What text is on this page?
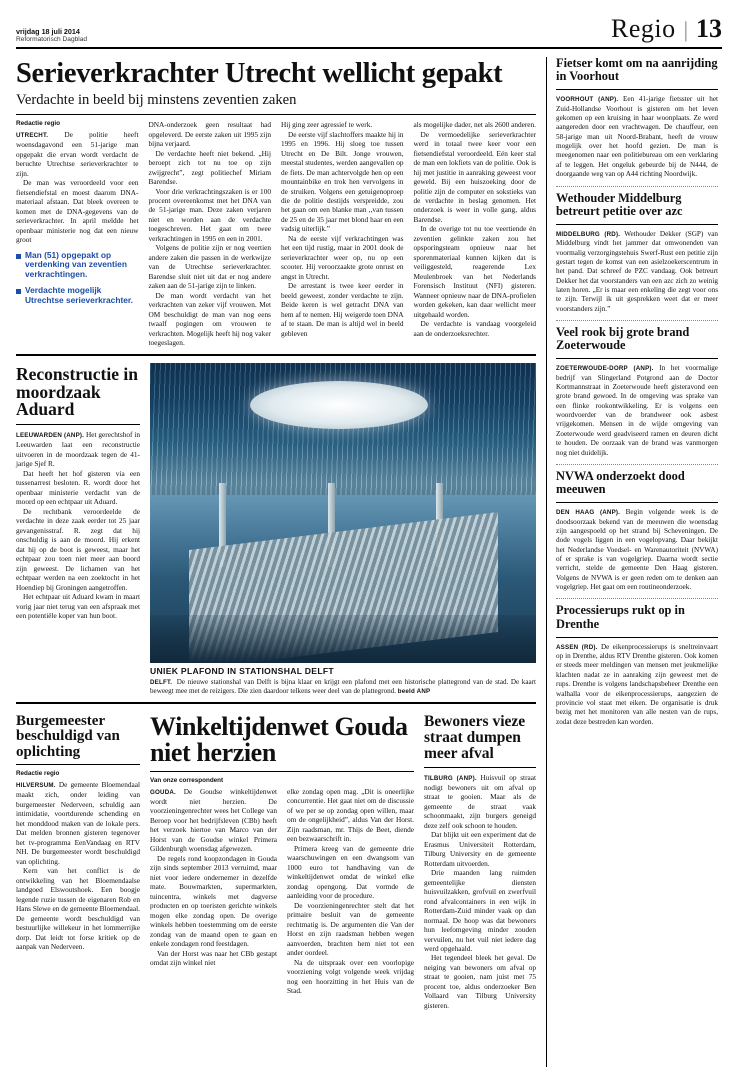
vrijdag 18 juli 2014
Reformatorisch Dagblad	Regio | 13
Serieverkrachter Utrecht wellicht gepakt
Verdachte in beeld bij minstens zeventien zaken
Redactie regio

UTRECHT. De politie heeft woensdagavond een 51-jarige man opgepakt die ervan wordt verdacht de beruchte Utrechtse serieverkrachter te zijn.

De man was veroordeeld voor een fietsendiefstal en moest daarom DNA-materiaal afstaan. Dat bleek overeen te komen met de DNA-gegevens van de serieverkrachter. In april meldde het openbaar ministerie nog dat een nieuw groot

Man (51) opgepakt op verdenking van zeventien verkrachtingen.
Verdachte mogelijk Utrechtse serieverkrachter.

DNA-onderzoek geen resultaat had opgeleverd. De eerste zaken uit 1995 zijn bijna verjaard.

De verdachte heeft niet bekend. „Hij beroept zich tot nu toe op zijn zwijgrecht”, zegt politiechef Miriam Barendse.

Voor drie verkrachtingszaken is er 100 procent overeenkomst met het DNA van de 51-jarige man. Deze zaken verjaren niet en worden aan de verdachte toegeschreven. Het gaat om twee verkrachtingen in 1995 en een in 2001.

Volgens de politie zijn er nog veertien andere zaken die passen in de werkwijze van de Utrechtse serieverkrachter. Barendse sluit niet uit dat er nog andere zaken aan de 51-jarige zijn te linken.

De man wordt verdacht van het verkrachten van zeker vijf vrouwen. Met OM beschuldigt de man van nog eens twaalf pogingen om vrouwen te verkrachten. Mogelijk heeft hij nog vaker toegeslagen.

Hij ging zeer agressief te werk.

De eerste vijf slachtoffers maakte hij in 1995 en 1996. Hij sloeg toe tussen Utrecht en De Bilt. Jonge vrouwen, meestal studentes, werden aangevallen op de fiets. De man achtervolgde hen op een mountainbike en trok hen vervolgens in de struiken. Volgens een getuigenoproep die de politie destijds verspreidde, zou het gaan om een blanke man ,,van tussen de 25 en de 35 jaar met blond haar en een vadsig uiterlijk.”

Na de eerste vijf verkrachtingen was het een tijd rustig, maar in 2001 dook de serieverkrachter weer op, nu op een scooter. Hij veroorzaakte grote onrust en angst in Utrecht.

De arrestant is twee keer eerder in beeld geweest, zonder verdachte te zijn. Beide keren is wel getracht DNA van hem af te nemen. Hij weigerde toen DNA af te staan. De man is altijd wel in beeld gebleven

als mogelijke dader, net als 2600 anderen.

De vermoedelijke serieverkrachter werd in totaal twee keer voor een fietsendiefstal veroordeeld. Eén keer stal de man een lokfiets van de politie. Ook is hij met justitie in aanraking geweest voor geweld. Bij een huiszoeking door de politie zijn de computer en sokstieks van de verdachte in beslag genomen. Het onderzoek is weer in volle gang, aldus Barendse.

In de overige tot nu toe veertiende én zeventien gelinkte zaken zou het opsporingsteam opnieuw naar het sporenmateriaal kunnen kijken dat is veiliggesteld, reagerende Lex Meulenbroek van het Nederlands Forensisch Instituut (NFI) gisteren. Wanneer opnieuw naar de DNA-profielen worden gekeken, kan daar wellicht meer uitgehaald worden.

De verdachte is vandaag voorgeleid aan de onderzoeksrechter.

Reconstructie in moordzaak Aduard

LEEUWARDEN (ANP). Het gerechtshof in Leeuwarden laat een reconstructie uitvoeren in de moordzaak tegen de 41-jarige Sjef R.

Dat heeft het hof gisteren via een tussenarrest besloten. R. wordt door het openbaar ministerie verdacht van de moord op een echtpaar uit Aduard.

De rechtbank veroordeelde de verdachte in deze zaak eerder tot 25 jaar gevangenisstraf. R. zegt dat hij onschuldig is aan de moord. Hij erkent dat hij op de boot is geweest, maar het echtpaar zou toen niet meer aan boord zijn geweest. De lichamen van het echtpaar werden na een zoektocht in het Hoendiep bij Groningen aangetroffen.

Het echtpaar uit Aduard kwam in maart vorig jaar niet terug van een afspraak met een potentiële koper van hun boot.

UNIEK PLAFOND IN STATIONSHAL DELFT
DELFT. De nieuwe stationshal van Delft is bijna klaar en krijgt een plafond met een historische plattegrond van de stad. De kaart beweegt mee met de reizigers. Die zien daardoor telkens weer deel van de plattegrond. beeld ANP
Burgemeester beschuldigd van oplichting
Redactie regio

HILVERSUM. De gemeente Bloemendaal maakt zich, onder leiding van burgemeester Nederveen, schuldig aan intimidatie, voortdurende schending en het monddood maken van de lokale pers. Dat melden bronnen gisteren tegenover het tv-programma EenVandaag en RTV NH. De burgemeester wordt beschuldigd van oplichting.

Kern van het conflict is de ontwikkeling van het Bloemendaalse landgoed Elswoutshoek. Een boogje legende ruzie tussen de eigenaren Rob en Hans Slewe en de gemeente Bloemendaal. De gemeente wordt beschuldigd van bestuurlijke willekeur in het lommerrijke dorp. Dat leidt tot forse kritiek op de aanpak van Nederveen.

Winkeltijdenwet Gouda niet herzien
Van onze correspondent

GOUDA. De Goudse winkeltijdenwet wordt niet herzien. De voorzieningenrechter wees het College van Beroep voor het bedrijfsleven (CBb) heeft het verzoek hiertoe van Marco van der Horst van de Goudse winkel Primera Gildenburgh woensdag afgewezen.

De regels rond koopzondagen in Gouda zijn sinds september 2013 verruimd, maar niet voor iedere ondernemer in dezelfde mate. Bouwmarkten, supermarkten, tuincentra, winkels met dagverse producten en op toeristen gerichte winkels mogen elke zondag open. De overige winkels hebben toestemming om de eerste zondag van de maand open te gaan en enkele zondagen rond feestdagen.

Van der Horst was naar het CBb gestapt omdat zijn winkel niet

elke zondag open mag. „Dit is oneerlijke concurrentie. Het gaat niet om de discussie of we per se op zondag open willen, maar om de ongelijkheid”, aldus Van der Horst. Zijn raadsman, mr. Thijs de Beet, diende een bezwaarschrift in.

Primera kreeg van de gemeente drie waarschuwingen en een dwangsom van 1000 euro tot handhaving van de winkeltijdenwet omdat de winkel elke zondag opengong. Dat vormde de aanleiding voor de procedure.

De voorzieningenrechter stelt dat het primaire besluit van de gemeente rechtmatig is. De argumenten die Van der Horst en zijn raadsman hebben wegen aanvoerden, brachten hem niet tot een ander oordeel.

Na de uitspraak over een voorlopige voorziening volgt volgende week vrijdag nog een hoorzitting in het Huis van de Stad.

Bewoners vieze straat dumpen meer afval

TILBURG (ANP). Huisvuil op straat nodigt bewoners uit om afval op straat te gooien. Maar als de gemeente de straat vaak schoonmaakt, zijn burgers geneigd deze zelf ook schoon te houden.

Dat blijkt uit een experiment dat de Erasmus Universiteit Rotterdam, Tilburg University en de gemeente Rotterdam uitvoerden.

Drie maanden lang ruimden gemeentelijke diensten huisvuilzakken, grofvuil en zwerfvuil rond afvalcontainers in een wijk in Rotterdam-Zuid minder vaak op dan normaal. De hoop was dat bewoners hun leefomgeving minder zouden vervuilen, nu het vuil niet iedere dag werd opgehaald.

Het tegendeel bleek het geval. De neiging van bewoners om afval op straat te gooien, nam juist met 75 procent toe, aldus onderzoeker Ben Vollaard van Tilburg University gisteren.

Fietser komt om na aanrijding in Voorhout

VOORHOUT (ANP). Een 41-jarige fietsster uit het Zuid-Hollandse Voorhout is gisteren om het leven gekomen op een kruising in haar woonplaats. Ze werd aangereden door een vrachtwagen. De chauffeur, een 58-jarige man uit Noord-Brabant, heeft de vrouw mogelijk over het hoofd gezien. De man is meegenomen naar een politiebureau om een verklaring af te leggen. Het ongeluk gebeurde bij de N444, de doorgaande weg van op A44 richting Noordwijk.

Wethouder Middelburg betreurt petitie over azc

MIDDELBURG (RD). Wethouder Dekker (SGP) van Middelburg vindt het jammer dat omwonenden van voormalig verzorgingstehuis Swerf-Rust een petitie zijn gestart tegen de komst van een asielzoekerscentrum in het pand. Dat schreef de PZC vandaag. Ook betreurt Dekker het dat voorstanders van een azc zich zo weinig laten horen. „Er is maar een enkeling die zegt voor ons te zijn. Terwijl ik uit gesprekken weet dat er meer voorstanders zijn.”

Veel rook bij grote brand Zoeterwoude

ZOETERWOUDE-DORP (ANP). In het voormalige bedrijf van Slingerland Potgrond aan de Doctor Kortmannstraat in Zoeterwoude heeft gisteravond een grote brand gewoed. In de omgeving was sprake van een flinke rookontwikkeling. Er is volgens een woordvoerder van de brandweer ook asbest vrijgekomen. Mensen in de wijde omgeving van Zoeterwoude werd geadviseerd ramen en deuren dicht te houden. De oorzaak van de brand was vanmorgen nog niet duidelijk.

NVWA onderzoekt dood meeuwen

DEN HAAG (ANP). Begin volgende week is de doodsoorzaak bekend van de meeuwen die woensdag zijn aangespoeld op het strand bij Scheveningen. De dode vogels liggen in een vogelopvang. Daar bekijkt het Nederlandse Voedsel- en Warenautoriteit (NVWA) of er sprake is van vogelgriep. Daarna wordt sectie verricht, stelde de gemeente Den Haag gisteren. Volgens de NVWA is er geen reden om te denken aan vogelgriep. Het gaat om een routineonderzoek.

Processierups rukt op in Drenthe

ASSEN (RD). De eikenprocessierups is sneltreinvaart op in Drenthe, aldus RTV Drenthe gisteren. Ook komen er steeds meer meldingen van mensen met jeukmelijke klachten nadat ze in aanraking zijn geweest met de rups. Drenthe is volgens landschapsbeheer Drenthe een walhalla voor de eikenprocessierups, aangezien de provincie vol staat met eiken. De organisatie is druk bezig met het monitoren van alle nesten van de rups, zodat deze bestreden kan worden.
